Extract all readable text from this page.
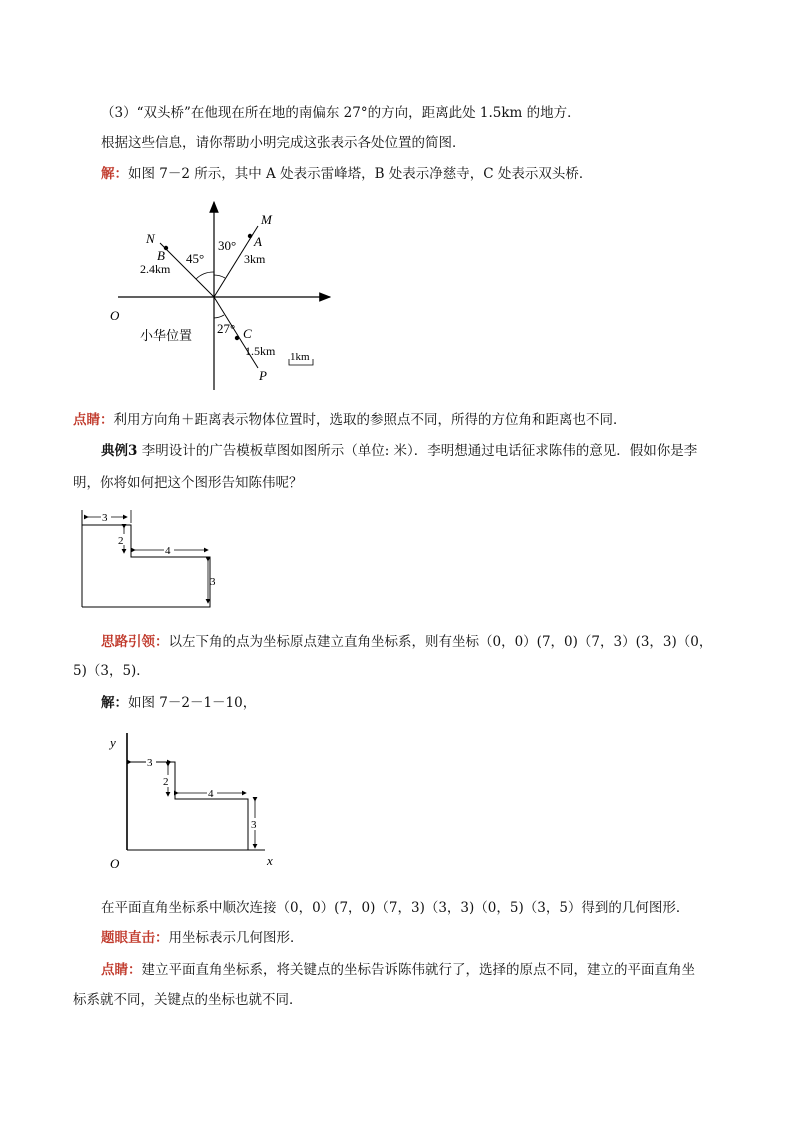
（3）“双头桥”在他现在所在地的南偏东 27°的方向，距离此处 1.5km 的地方．
根据这些信息，请你帮助小明完成这张表示各处位置的简图．
解：如图 7－2 所示，其中 A 处表示雷峰塔，B 处表示净慈寺，C 处表示双头桥．
M
A
N
B
O
C
P
30°
45°
27°
3km
2.4km
1.5km
小华位置
1km
点睛：利用方向角＋距离表示物体位置时，选取的参照点不同，所得的方位角和距离也不同．
典例3 李明设计的广告模板草图如图所示（单位: 米）．李明想通过电话征求陈伟的意见．假如你是李
明，你将如何把这个图形告知陈伟呢？
3
2
4
3
思路引领：以左下角的点为坐标原点建立直角坐标系，则有坐标（0，0）(7，0)（7，3）(3，3)（0，
5)（3，5)．
解：如图 7－2－1－10，
3
2
4
3
y
x
O
在平面直角坐标系中顺次连接（0，0）(7，0)（7，3)（3，3)（0，5)（3，5）得到的几何图形．
题眼直击：用坐标表示几何图形．
点睛：建立平面直角坐标系，将关键点的坐标告诉陈伟就行了，选择的原点不同，建立的平面直角坐
标系就不同，关键点的坐标也就不同．
